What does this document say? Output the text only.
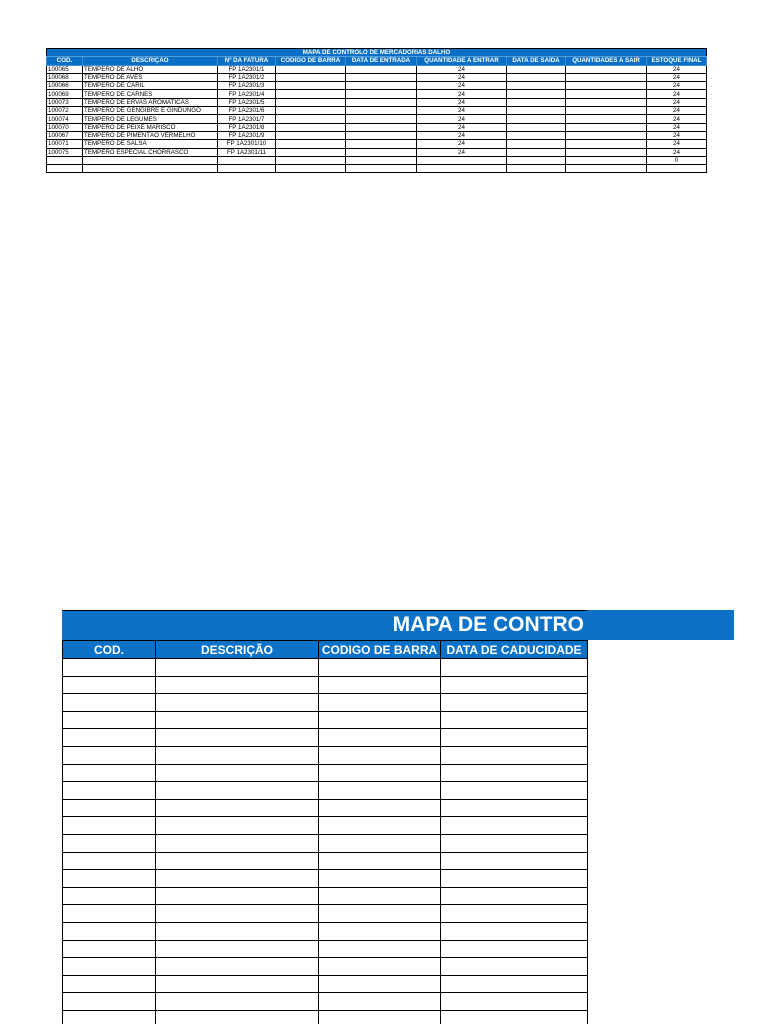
MAPA DE CONTROLO DE MERCADORIAS DALHO								
COD.	DESCRIÇÃO	Nº DA FATURA	CODIGO DE BARRA	DATA DE ENTRADA	QUANTIDADE A ENTRAR	DATA DE SAÍDA	QUANTIDADES A SAIR	ESTOQUE FINAL
100065	TEMPERO DE ALHO	FP 1A2301/1			24			24
100068	TEMPERO DE AVES	FP 1A2301/2			24			24
100066	TEMPERO DE CARIL	FP 1A2301/3			24			24
100069	TEMPERO DE CARNES	FP 1A2301/4			24			24
100073	TEMPERO DE ERVAS AROMATICAS	FP 1A2301/5			24			24
100072	TEMPERO DE GENGIBRE E GINDUNGO	FP 1A2301/6			24			24
100074	TEMPERO DE LEGUMES	FP 1A2301/7			24			24
100070	TEMPERO DE PEIXE MARISCO	FP 1A2301/8			24			24
100067	TEMPERO DE PIMENTÃO VERMELHO	FP 1A2301/9			24			24
100071	TEMPERO DE SALSA	FP 1A2301/10			24			24
100075	TEMPERO ESPECIAL CHORRASCO	FP 1A2301/11			24			24
								0

MAPA DE CONTRO
COD.	DESCRIÇÃO	CODIGO DE BARRA	DATA DE CADUCIDADE
